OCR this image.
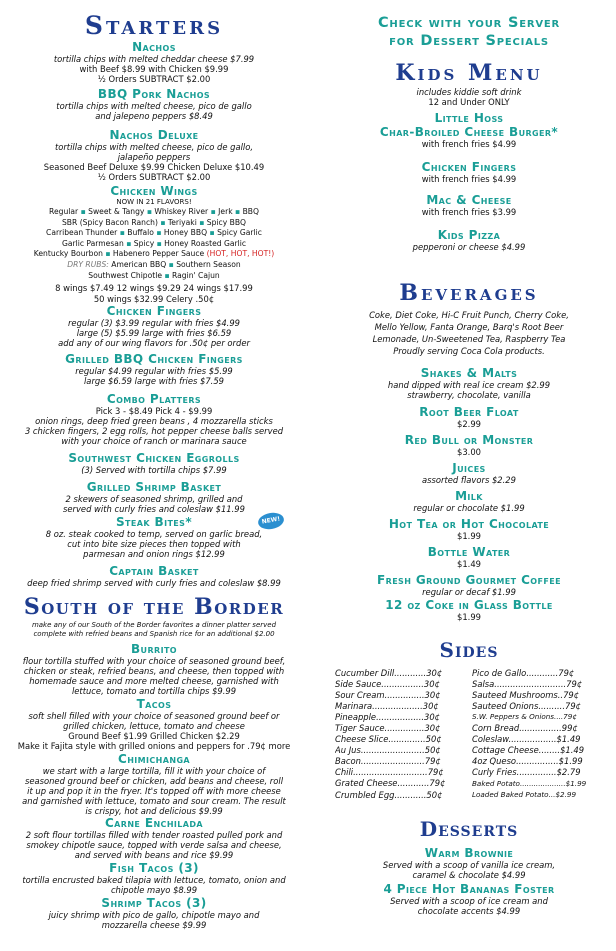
Starters
Nachos
tortilla chips with melted cheddar cheese $7.99
with Beef $8.99 with Chicken $9.99
½ Orders SUBTRACT $2.00
BBQ Pork Nachos
tortilla chips with melted cheese, pico de gallo
and jalepeno peppers $8.49
Nachos Deluxe
tortilla chips with melted cheese, pico de gallo,
jalapeño peppers
Seasoned Beef Deluxe $9.99 Chicken Deluxe $10.49
½ Orders SUBTRACT $2.00
Chicken Wings
NOW IN 21 FLAVORS!
Regular ▪ Sweet & Tangy ▪ Whiskey River ▪ Jerk ▪ BBQ
SBR (Spicy Bacon Ranch) ▪ Teriyaki ▪ Spicy BBQ
Carribean Thunder ▪ Buffalo ▪ Honey BBQ ▪ Spicy Garlic
Garlic Parmesan ▪ Spicy ▪ Honey Roasted Garlic
Kentucky Bourbon ▪ Habenero Pepper Sauce (HOT, HOT, HOT!)
DRY RUBS: American BBQ ▪ Southern Season
Southwest Chipotle ▪ Ragin' Cajun
8 wings $7.49 12 wings $9.29 24 wings $17.99
50 wings $32.99 Celery .50¢
Chicken Fingers
regular (3) $3.99 regular with fries $4.99
large (5) $5.99 large with fries $6.59
add any of our wing flavors for .50¢ per order
Grilled BBQ Chicken Fingers
regular $4.99 regular with fries $5.99
large $6.59 large with fries $7.59
Combo Platters
Pick 3 - $8.49 Pick 4 - $9.99
onion rings, deep fried green beans , 4 mozzarella sticks
3 chicken fingers, 2 egg rolls, hot pepper cheese balls served
with your choice of ranch or marinara sauce
Southwest Chicken Eggrolls
(3) Served with tortilla chips $7.99
Grilled Shrimp Basket
2 skewers of seasoned shrimp, grilled and
served with curly fries and coleslaw $11.99
Steak Bites*
8 oz. steak cooked to temp, served on garlic bread,
cut into bite size pieces then topped with
parmesan and onion rings $12.99
NEW!
Captain Basket
deep fried shrimp served with curly fries and coleslaw $8.99
South of the Border
make any of our South of the Border favorites a dinner platter served
complete with refried beans and Spanish rice for an additional $2.00
Burrito
flour tortilla stuffed with your choice of seasoned ground beef,
chicken or steak, refried beans, and cheese, then topped with
homemade sauce and more melted cheese, garnished with
lettuce, tomato and tortilla chips $9.99
Tacos
soft shell filled with your choice of seasoned ground beef or
grilled chicken, lettuce, tomato and cheese
Ground Beef $1.99 Grilled Chicken $2.29
Make it Fajita style with grilled onions and peppers for .79¢ more
Chimichanga
we start with a large tortilla, fill it with your choice of
seasoned ground beef or chicken, add beans and cheese, roll
it up and pop it in the fryer. It's topped off with more cheese
and garnished with lettuce, tomato and sour cream. The result
is crispy, hot and delicious $9.99
Carne Enchilada
2 soft flour tortillas filled with tender roasted pulled pork and
smokey chipotle sauce, topped with verde salsa and cheese,
and served with beans and rice $9.99
Fish Tacos (3)
tortilla encrusted baked tilapia with lettuce, tomato, onion and
chipotle mayo $8.99
Shrimp Tacos (3)
juicy shrimp with pico de gallo, chipotle mayo and
mozzarella cheese $9.99
Check with your Server
for Dessert Specials
Kids Menu
includes kiddie soft drink
12 and Under ONLY
Little Hoss
Char-Broiled Cheese Burger*
with french fries $4.99
Chicken Fingers
with french fries $4.99
Mac & Cheese
with french fries $3.99
Kids Pizza
pepperoni or cheese $4.99
Beverages
Coke, Diet Coke, Hi-C Fruit Punch, Cherry Coke,
Mello Yellow, Fanta Orange, Barq's Root Beer
Lemonade, Un-Sweetened Tea, Raspberry Tea
Proudly serving Coca Cola products.
Shakes & Malts
hand dipped with real ice cream $2.99
strawberry, chocolate, vanilla
Root Beer Float
$2.99
Red Bull or Monster
$3.00
Juices
assorted flavors $2.29
Milk
regular or chocolate $1.99
Hot Tea or Hot Chocolate
$1.99
Bottle Water
$1.49
Fresh Ground Gourmet Coffee
regular or decaf $1.99
12 oz Coke in Glass Bottle
$1.99
Sides
Cucumber Dill............30¢
Side Sauce................30¢
Sour Cream...............30¢
Marinara...................30¢
Pineapple..................30¢
Tiger Sauce...............30¢
Cheese Slice..............50¢
Au Jus........................50¢
Bacon........................79¢
Chili............................79¢
Grated Cheese............79¢
Crumbled Egg............50¢
Pico de Gallo............79¢
Salsa...........................79¢
Sauteed Mushrooms..79¢
Sauteed Onions..........79¢
S.W. Peppers & Onions....79¢
Corn Bread................99¢
Coleslaw..................$1.49
Cottage Cheese........$1.49
4oz Queso................$1.99
Curly Fries...............$2.79
Baked Potato....................$1.99
Loaded Baked Potato...$2.99
Desserts
Warm Brownie
Served with a scoop of vanilla ice cream,
caramel & chocolate $4.99
4 Piece Hot Bananas Foster
Served with a scoop of ice cream and
chocolate accents $4.99
